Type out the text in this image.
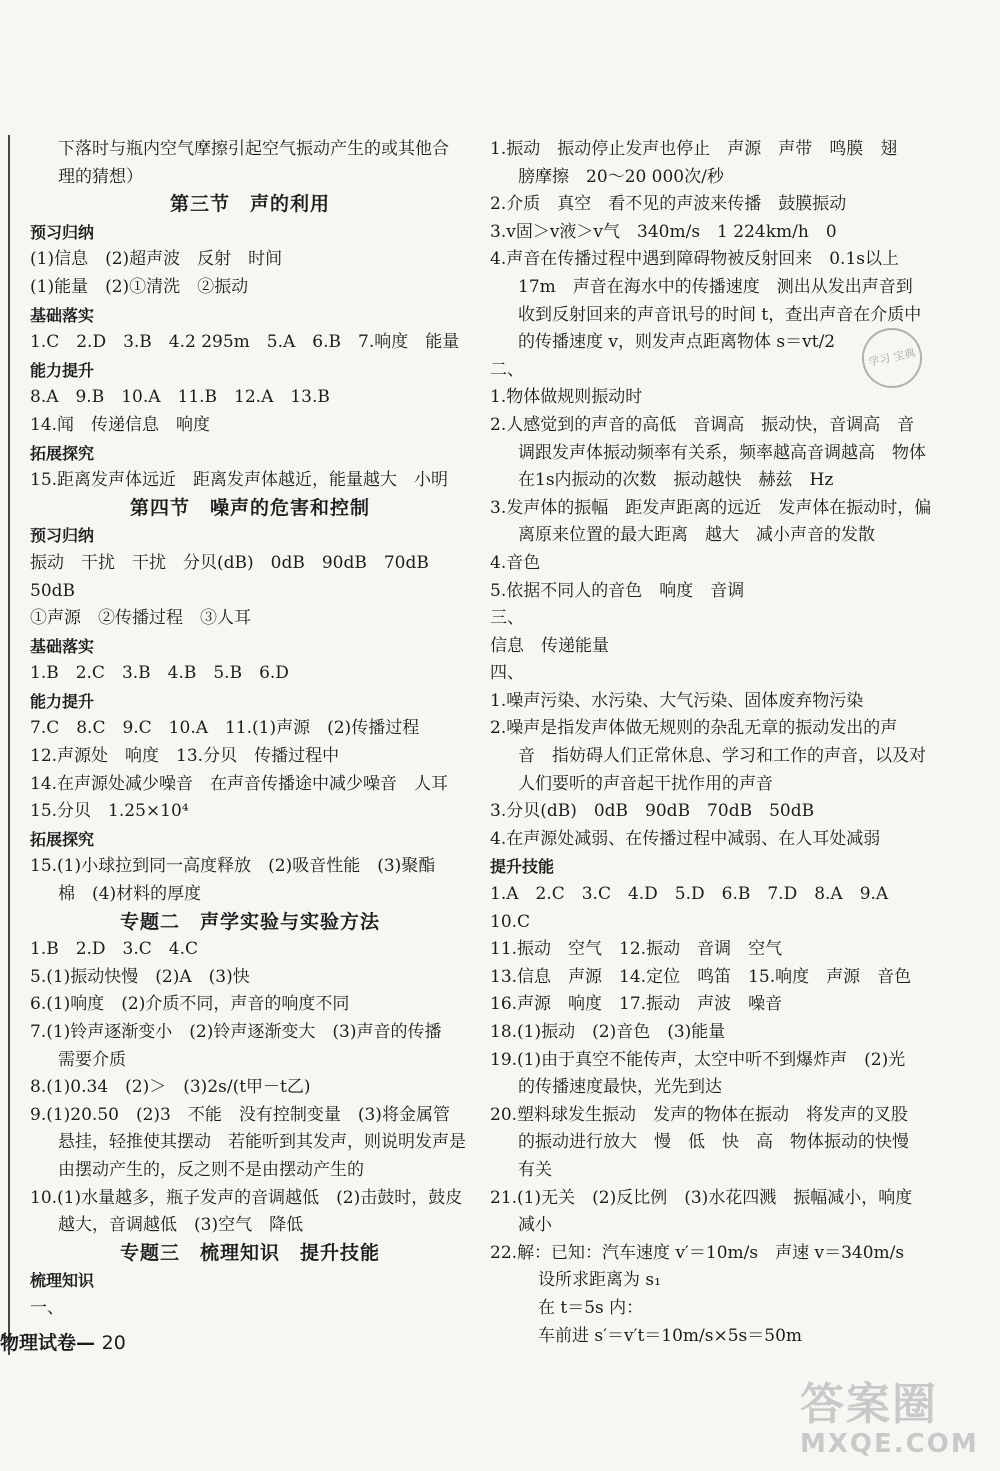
下落时与瓶内空气摩擦引起空气振动产生的或其他合
理的猜想）
第三节　声的利用
预习归纳
(1)信息　(2)超声波　反射　时间
(1)能量　(2)①清洗　②振动
基础落实
1.C　2.D　3.B　4.2 295m　5.A　6.B　7.响度　能量
能力提升
8.A　9.B　10.A　11.B　12.A　13.B
14.闻　传递信息　响度
拓展探究
15.距离发声体远近　距离发声体越近，能量越大　小明
第四节　噪声的危害和控制
预习归纳
振动　干扰　干扰　分贝(dB)　0dB　90dB　70dB
50dB
①声源　②传播过程　③人耳
基础落实
1.B　2.C　3.B　4.B　5.B　6.D
能力提升
7.C　8.C　9.C　10.A　11.(1)声源　(2)传播过程
12.声源处　响度　13.分贝　传播过程中
14.在声源处减少噪音　在声音传播途中减少噪音　人耳
15.分贝　1.25×10⁴
拓展探究
15.(1)小球拉到同一高度释放　(2)吸音性能　(3)聚酯
棉　(4)材料的厚度
专题二　声学实验与实验方法
1.B　2.D　3.C　4.C
5.(1)振动快慢　(2)A　(3)快
6.(1)响度　(2)介质不同，声音的响度不同
7.(1)铃声逐渐变小　(2)铃声逐渐变大　(3)声音的传播
需要介质
8.(1)0.34　(2)＞　(3)2s/(t甲－t乙)
9.(1)20.50　(2)3　不能　没有控制变量　(3)将金属管
悬挂，轻推使其摆动　若能听到其发声，则说明发声是
由摆动产生的，反之则不是由摆动产生的
10.(1)水量越多，瓶子发声的音调越低　(2)击鼓时，鼓皮
越大，音调越低　(3)空气　降低
专题三　梳理知识　提升技能
梳理知识
一、
1.振动　振动停止发声也停止　声源　声带　鸣膜　翅
膀摩擦　20～20 000次/秒
2.介质　真空　看不见的声波来传播　鼓膜振动
3.v固＞v液＞v气　340m/s　1 224km/h　0
4.声音在传播过程中遇到障碍物被反射回来　0.1s以上
17m　声音在海水中的传播速度　测出从发出声音到
收到反射回来的声音讯号的时间 t，查出声音在介质中
的传播速度 v，则发声点距离物体 s＝vt/2
二、
1.物体做规则振动时
2.人感觉到的声音的高低　音调高　振动快，音调高　音
调跟发声体振动频率有关系，频率越高音调越高　物体
在1s内振动的次数　振动越快　赫兹　Hz
3.发声体的振幅　距发声距离的远近　发声体在振动时，偏
离原来位置的最大距离　越大　减小声音的发散
4.音色
5.依据不同人的音色　响度　音调
三、
信息　传递能量
四、
1.噪声污染、水污染、大气污染、固体废弃物污染
2.噪声是指发声体做无规则的杂乱无章的振动发出的声
音　指妨碍人们正常休息、学习和工作的声音，以及对
人们要听的声音起干扰作用的声音
3.分贝(dB)　0dB　90dB　70dB　50dB
4.在声源处减弱、在传播过程中减弱、在人耳处减弱
提升技能
1.A　2.C　3.C　4.D　5.D　6.B　7.D　8.A　9.A
10.C
11.振动　空气　12.振动　音调　空气
13.信息　声源　14.定位　鸣笛　15.响度　声源　音色
16.声源　响度　17.振动　声波　噪音
18.(1)振动　(2)音色　(3)能量
19.(1)由于真空不能传声，太空中听不到爆炸声　(2)光
的传播速度最快，光先到达
20.塑料球发生振动　发声的物体在振动　将发声的叉股
的振动进行放大　慢　低　快　高　物体振动的快慢
有关
21.(1)无关　(2)反比例　(3)水花四溅　振幅减小，响度
减小
22.解：已知：汽车速度 v′＝10m/s　声速 v＝340m/s
设所求距离为 s₁
在 t＝5s 内：
车前进 s′＝v′t＝10m/s×5s＝50m
学习 宝典
物理试卷— 20
答案圈
MXQE.COM
